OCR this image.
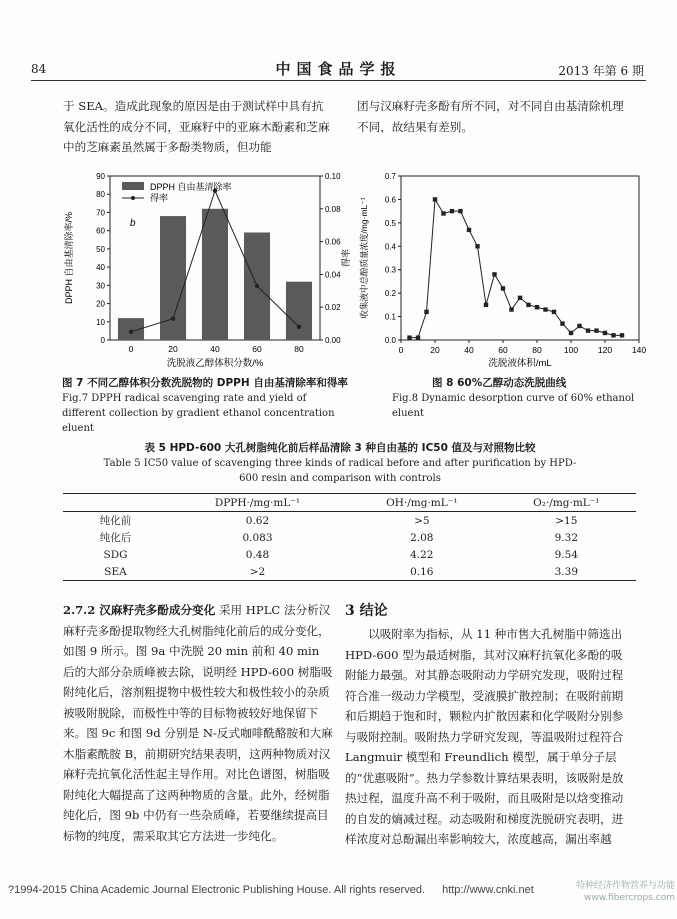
84	中国食品学报	2013 年第 6 期

于 SEA。造成此现象的原因是由于测试样中具有抗氧化活性的成分不同，亚麻籽中的亚麻木酚素和芝麻中的芝麻素虽然属于多酚类物质，但功能

团与汉麻籽壳多酚有所不同，对不同自由基清除机理不同，故结果有差别。

0
10
20
30
40
50
60
70
80
90
0.00
0.02
0.04
0.06
0.08
0.10
0	20	40	60	80
DPPH 自由基清除率
得率
b
洗脱液乙醇体积分数/%
DPPH 自由基清除率/%	得率
图 7 不同乙醇体积分数洗脱物的 DPPH 自由基清除率和得率
Fig.7 DPPH radical scavenging rate and yield of different collection by gradient ethanol concentration eluent
0.0
0.1
0.2
0.3
0.4
0.5
0.6
0.7
0	20	40	60	80	100 120 140
洗脱液体积/mL
收集液中总酚质量浓度/mg·mL⁻¹
图 8 60%乙醇动态洗脱曲线
Fig.8 Dynamic desorption curve of 60% ethanol eluent
表 5 HPD-600 大孔树脂纯化前后样品清除 3 种自由基的 IC50 值及与对照物比较
Table 5 IC50 value of scavenging three kinds of radical before and after purification by HPD-600 resin and comparison with controls
	DPPH·/mg·mL⁻¹	OH·/mg·mL⁻¹	O₂·/mg·mL⁻¹
纯化前	0.62	>5	>15
纯化后	0.083	2.08	9.32
SDG	0.48	4.22	9.54
SEA	>2	0.16	3.39

2.7.2 汉麻籽壳多酚成分变化 采用 HPLC 法分析汉麻籽壳多酚提取物经大孔树脂纯化前后的成分变化，如图 9 所示。图 9a 中洗脱 20 min 前和 40 min 后的大部分杂质峰被去除，说明经 HPD-600 树脂吸附纯化后，溶剂粗提物中极性较大和极性较小的杂质被吸附脱除，而极性中等的目标物被较好地保留下来。图 9c 和图 9d 分别是 N-反式咖啡酰酪胺和大麻木脂素酰胺 B，前期研究结果表明，这两种物质对汉麻籽壳抗氧化活性起主导作用。对比色谱图，树脂吸附纯化大幅提高了这两种物质的含量。此外，经树脂纯化后，图 9b 中仍有一些杂质峰，若要继续提高目标物的纯度，需采取其它方法进一步纯化。

3 结论

以吸附率为指标，从 11 种市售大孔树脂中筛选出 HPD-600 型为最适树脂，其对汉麻籽抗氧化多酚的吸附能力最强。对其静态吸附动力学研究发现，吸附过程符合准一级动力学模型，受液膜扩散控制；在吸附前期和后期趋于饱和时，颗粒内扩散因素和化学吸附分别参与吸附控制。吸附热力学研究发现，等温吸附过程符合 Langmuir 模型和 Freundlich 模型，属于单分子层的“优惠吸附”。热力学参数计算结果表明，该吸附是放热过程，温度升高不利于吸附，而且吸附是以焓变推动的自发的熵减过程。动态吸附和梯度洗脱研究表明，进样浓度对总酚漏出率影响较大，浓度越高，漏出率越

?1994-2015 China Academic Journal Electronic Publishing House. All rights reserved. http://www.cnki.net	特种经济作物营养与功能
www.fibercrops.com
